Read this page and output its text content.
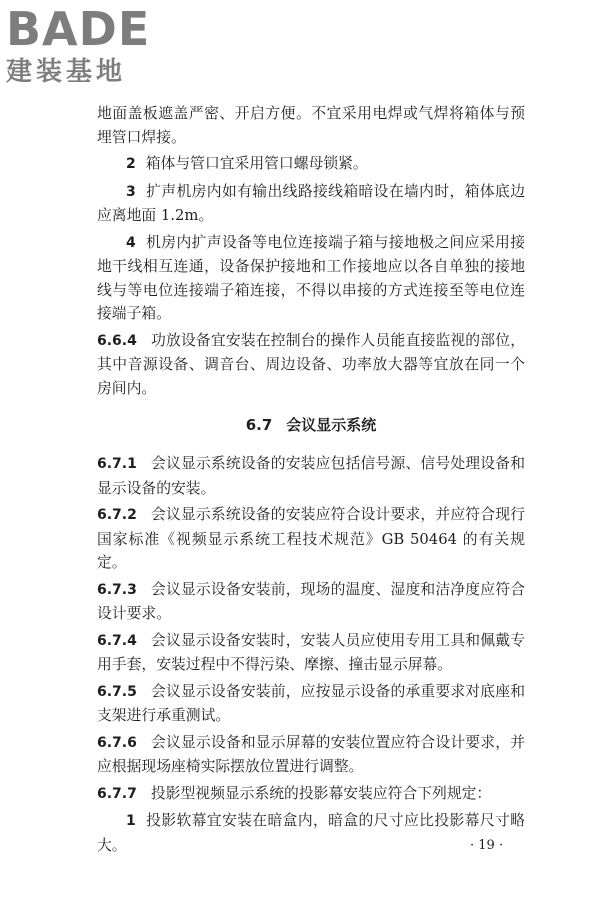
BADE
建装基地

地面盖板遮盖严密、开启方便。不宜采用电焊或气焊将箱体与预埋管口焊接。

2 箱体与管口宜采用管口螺母锁紧。

3 扩声机房内如有输出线路接线箱暗设在墙内时，箱体底边应离地面 1.2m。

4 机房内扩声设备等电位连接端子箱与接地极之间应采用接地干线相互连通，设备保护接地和工作接地应以各自单独的接地线与等电位连接端子箱连接，不得以串接的方式连接至等电位连接端子箱。

6.6.4 功放设备宜安装在控制台的操作人员能直接监视的部位，其中音源设备、调音台、周边设备、功率放大器等宜放在同一个房间内。

6.7 会议显示系统

6.7.1 会议显示系统设备的安装应包括信号源、信号处理设备和显示设备的安装。

6.7.2 会议显示系统设备的安装应符合设计要求，并应符合现行国家标准《视频显示系统工程技术规范》GB 50464 的有关规定。

6.7.3 会议显示设备安装前，现场的温度、湿度和洁净度应符合设计要求。

6.7.4 会议显示设备安装时，安装人员应使用专用工具和佩戴专用手套，安装过程中不得污染、摩擦、撞击显示屏幕。

6.7.5 会议显示设备安装前，应按显示设备的承重要求对底座和支架进行承重测试。

6.7.6 会议显示设备和显示屏幕的安装位置应符合设计要求，并应根据现场座椅实际摆放位置进行调整。

6.7.7 投影型视频显示系统的投影幕安装应符合下列规定：

1 投影软幕宜安装在暗盒内，暗盒的尺寸应比投影幕尺寸略大。	· 19 ·
